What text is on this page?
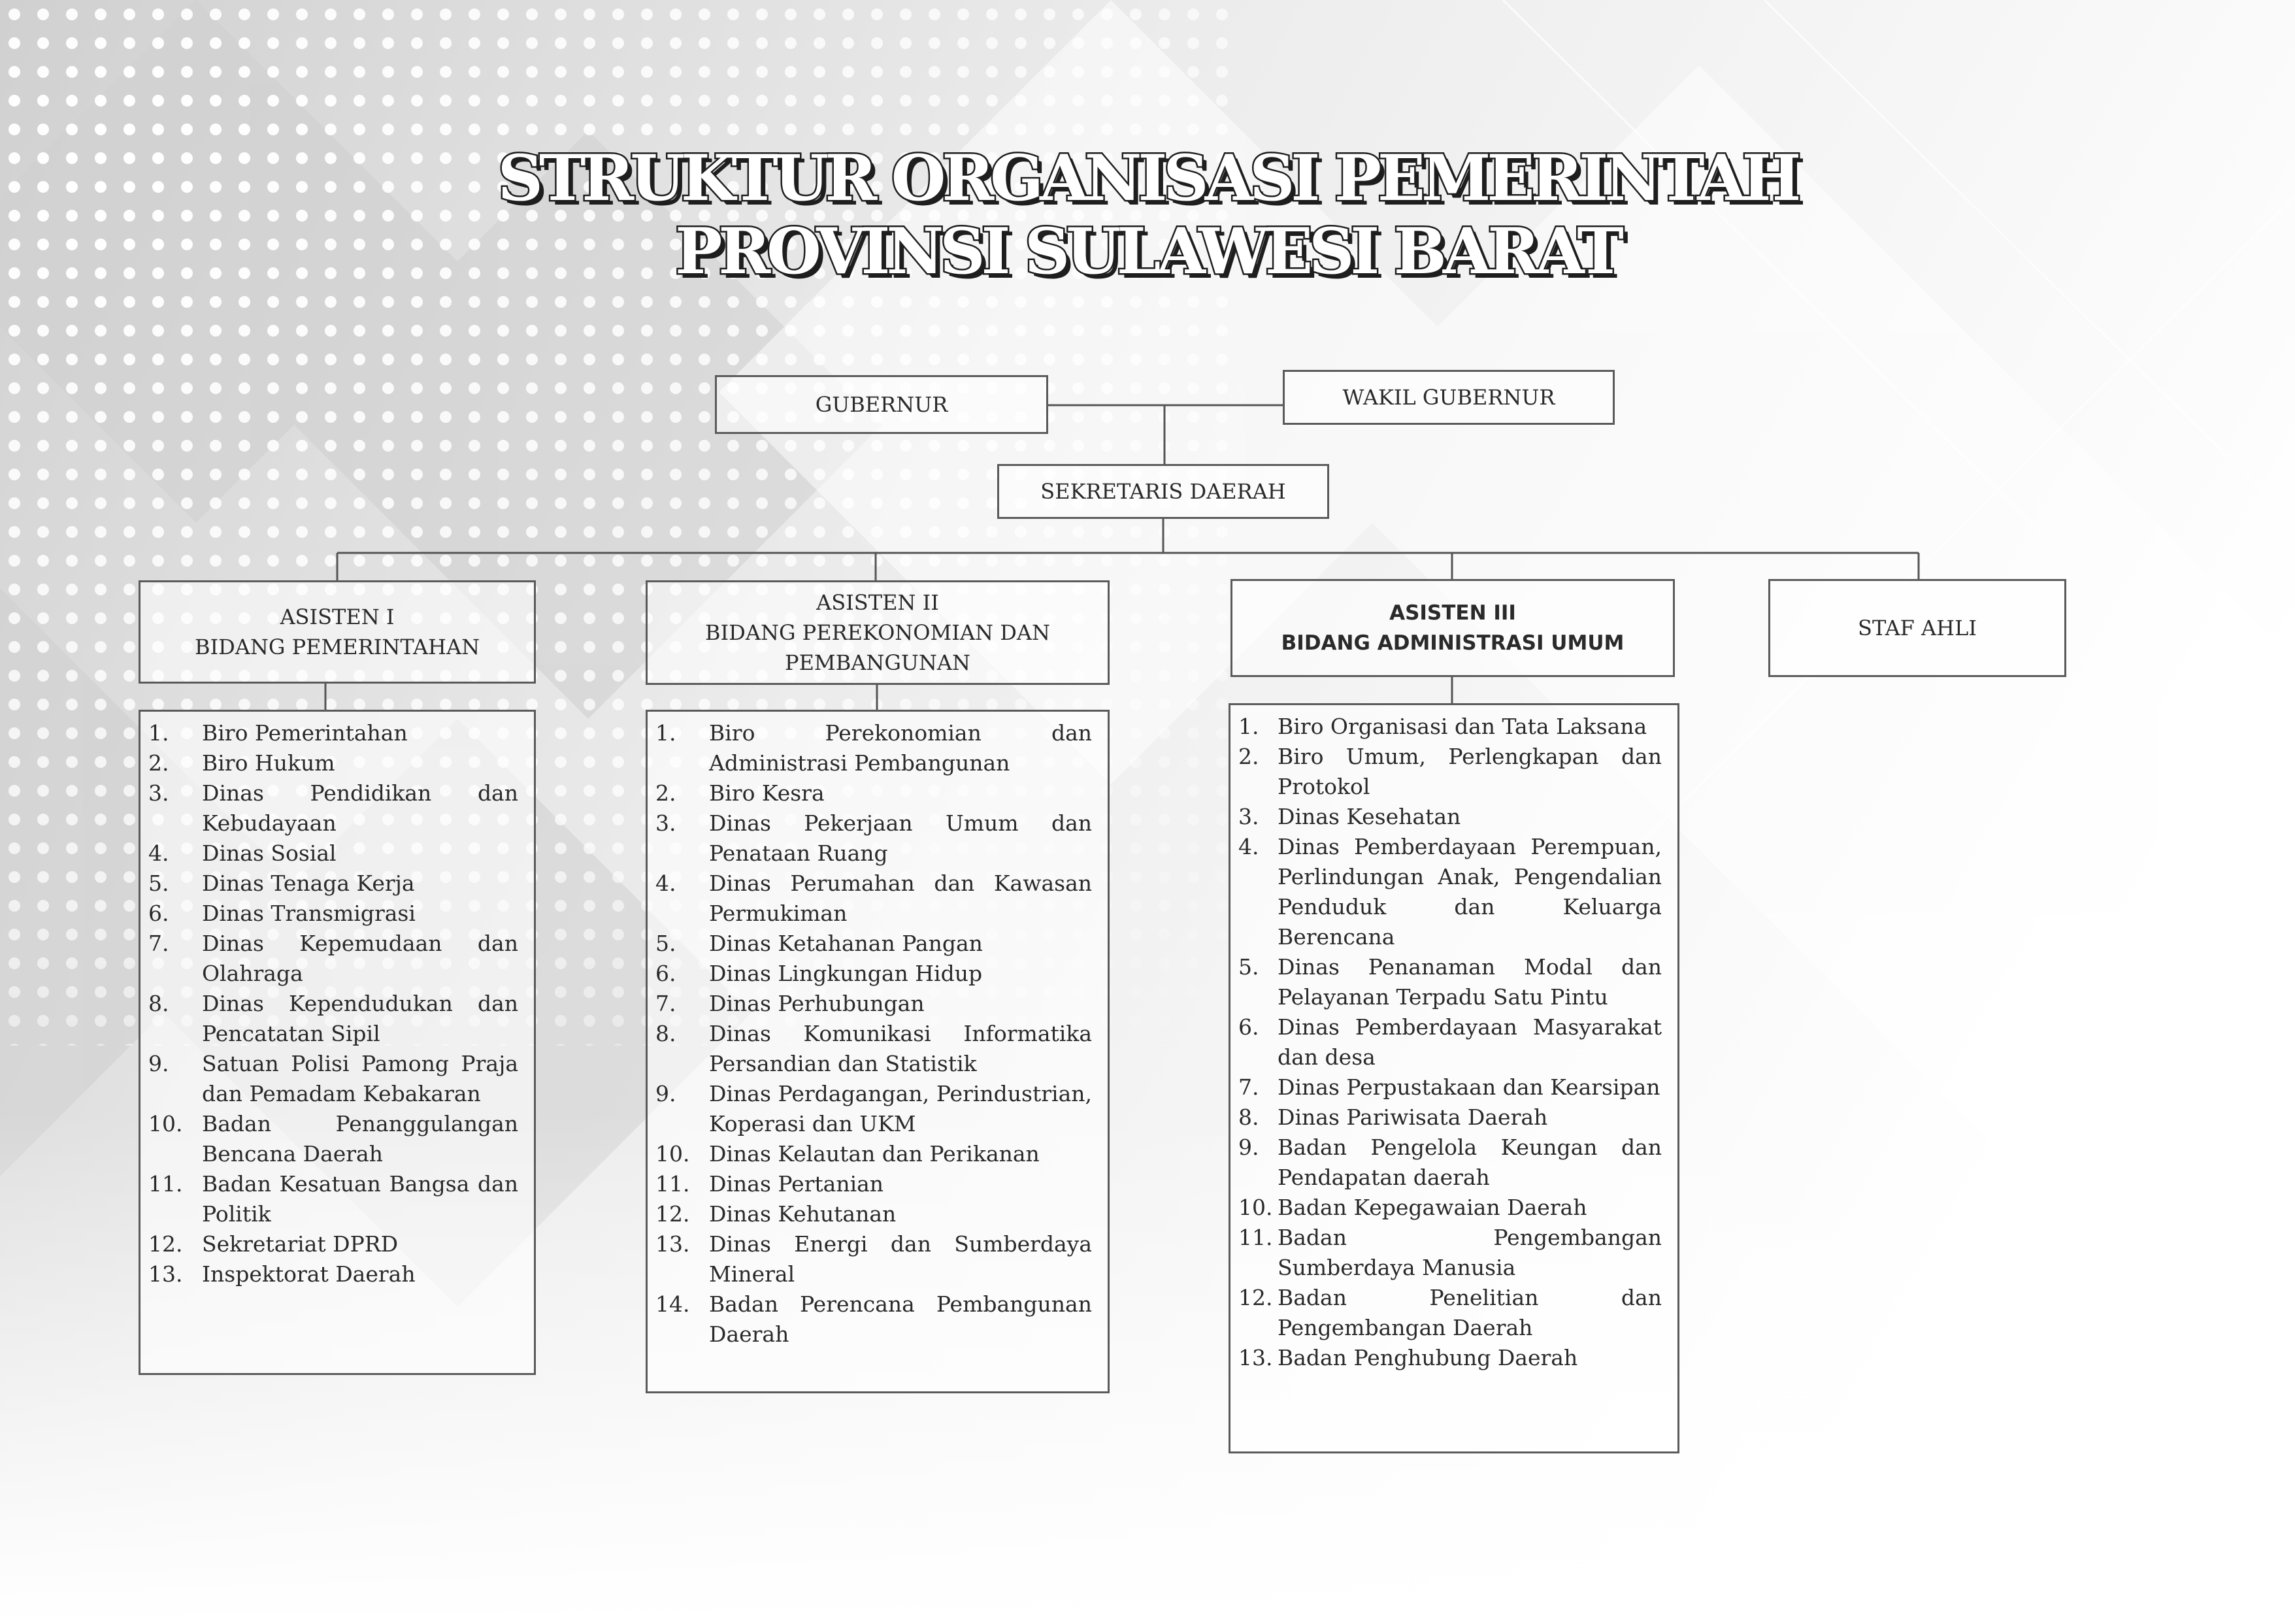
STRUKTUR ORGANISASI PEMERINTAH
PROVINSI SULAWESI BARAT
GUBERNUR	WAKIL GUBERNUR
SEKRETARIS DAERAH
ASISTEN I
BIDANG PEMERINTAHAN
ASISTEN II
BIDANG PEREKONOMIAN DAN
PEMBANGUNAN
ASISTEN III
BIDANG ADMINISTRASI UMUM
STAF AHLI
1.	Biro Pemerintahan
2.	Biro Hukum
3.	Dinas Pendidikan dan Kebudayaan
4.	Dinas Sosial
5.	Dinas Tenaga Kerja
6.	Dinas Transmigrasi
7.	Dinas Kepemudaan dan Olahraga
8.	Dinas Kependudukan dan Pencatatan Sipil
9.	Satuan Polisi Pamong Praja dan Pemadam Kebakaran
10. Badan Penanggulangan Bencana Daerah
11. Badan Kesatuan Bangsa dan Politik
12. Sekretariat DPRD
13. Inspektorat Daerah
1.	Biro Perekonomian dan Administrasi Pembangunan
2.	Biro Kesra
3.	Dinas Pekerjaan Umum dan Penataan Ruang
4.	Dinas Perumahan dan Kawasan Permukiman
5.	Dinas Ketahanan Pangan
6.	Dinas Lingkungan Hidup
7.	Dinas Perhubungan
8.	Dinas Komunikasi Informatika Persandian dan Statistik
9.	Dinas Perdagangan, Perindustrian, Koperasi dan UKM
10. Dinas Kelautan dan Perikanan
11. Dinas Pertanian
12. Dinas Kehutanan
13. Dinas Energi dan Sumberdaya Mineral
14. Badan Perencana Pembangunan Daerah
1. Biro Organisasi dan Tata Laksana
2. Biro Umum, Perlengkapan dan Protokol
3. Dinas Kesehatan
4. Dinas Pemberdayaan Perempuan, Perlindungan Anak, Pengendalian Penduduk dan Keluarga Berencana
5. Dinas Penanaman Modal dan Pelayanan Terpadu Satu Pintu
6. Dinas Pemberdayaan Masyarakat dan desa
7. Dinas Perpustakaan dan Kearsipan
8. Dinas Pariwisata Daerah
9. Badan Pengelola Keungan dan Pendapatan daerah
10. Badan Kepegawaian Daerah
11. Badan Pengembangan Sumberdaya Manusia
12. Badan Penelitian dan Pengembangan Daerah
13. Badan Penghubung Daerah
